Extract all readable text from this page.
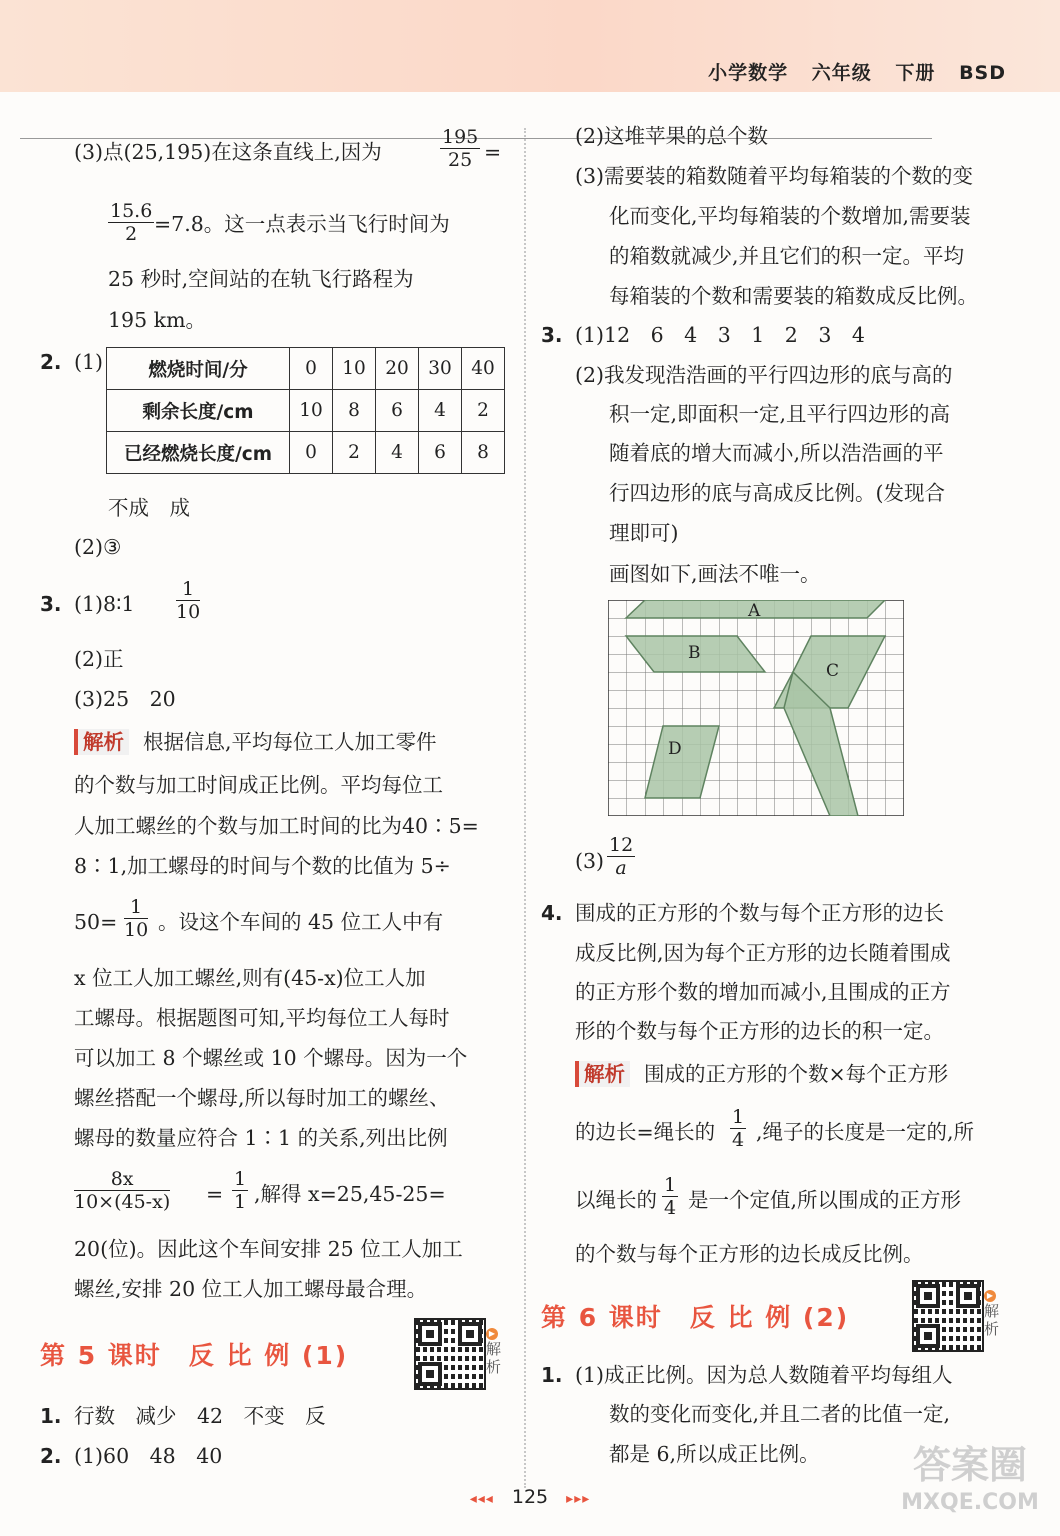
小学数学 六年级 下册 BSD
(3)点(25,195)在这条直线上,因为	$\frac{195}{25}$ =
$\frac{15.6}{2} =7.8$。这一点表示当飞行时间为
25 秒时,空间站的在轨飞行路程为
195 km。
2. (1) 燃烧时间/分	0	10	20	30	40
剩余长度/cm	10	8	6	4	2
已经燃烧长度/cm	0	2	4	6	8
不成　成
(2)③
3. (1)8∶1 $\frac{1}{10}$
(2)正
(3)25　20
解析 根据信息,平均每位工人加工零件
的个数与加工时间成正比例。平均每位工
人加工螺丝的个数与加工时间的比为40∶5=
8∶1,加工螺母的时间与个数的比值为 5÷
$50= \frac{1}{10}$ 。设这个车间的 45 位工人中有
x 位工人加工螺丝,则有(45-x)位工人加
工螺母。根据题图可知,平均每位工人每时
可以加工 8 个螺丝或 10 个螺母。因为一个
螺丝搭配一个螺母,所以每时加工的螺丝、
螺母的数量应符合 1∶1 的关系,列出比例
$\frac{8x}{10\times(45-x)} = \frac{1}{1}$ ,解得 x=25,45-25=
20(位)。因此这个车间安排 25 位工人加工
螺丝,安排 20 位工人加工螺母最合理。
第 5 课时　反 比 例 (1)
▶解析
1. 行数　减少　42　不变　反
2. (1)60　48　40
(2)这堆苹果的总个数
(3)需要装的箱数随着平均每箱装的个数的变
化而变化,平均每箱装的个数增加,需要装
的箱数就减少,并且它们的积一定。平均
每箱装的个数和需要装的箱数成反比例。
3. (1)12　6　4　3　1　2　3　4
(2)我发现浩浩画的平行四边形的底与高的
积一定,即面积一定,且平行四边形的高
随着底的增大而减小,所以浩浩画的平
行四边形的底与高成反比例。(发现合
理即可)
画图如下,画法不唯一。
A
B
C
D
$(3) \frac{12}{a}$
4. 围成的正方形的个数与每个正方形的边长
成反比例,因为每个正方形的边长随着围成
的正方形个数的增加而减小,且围成的正方
形的个数与每个正方形的边长的积一定。
解析 围成的正方形的个数×每个正方形
的边长=绳长的 $\frac{1}{4}$ ,绳子的长度是一定的,所
以绳长的 $\frac{1}{4}$ 是一个定值,所以围成的正方形
的个数与每个正方形的边长成反比例。
第 6 课时　反 比 例 (2)
▶解析
1. (1)成正比例。因为总人数随着平均每组人
数的变化而变化,并且二者的比值一定,
都是 6,所以成正比例。
◂◂◂ 125 ▸▸▸
答案圈
MXQE.COM
